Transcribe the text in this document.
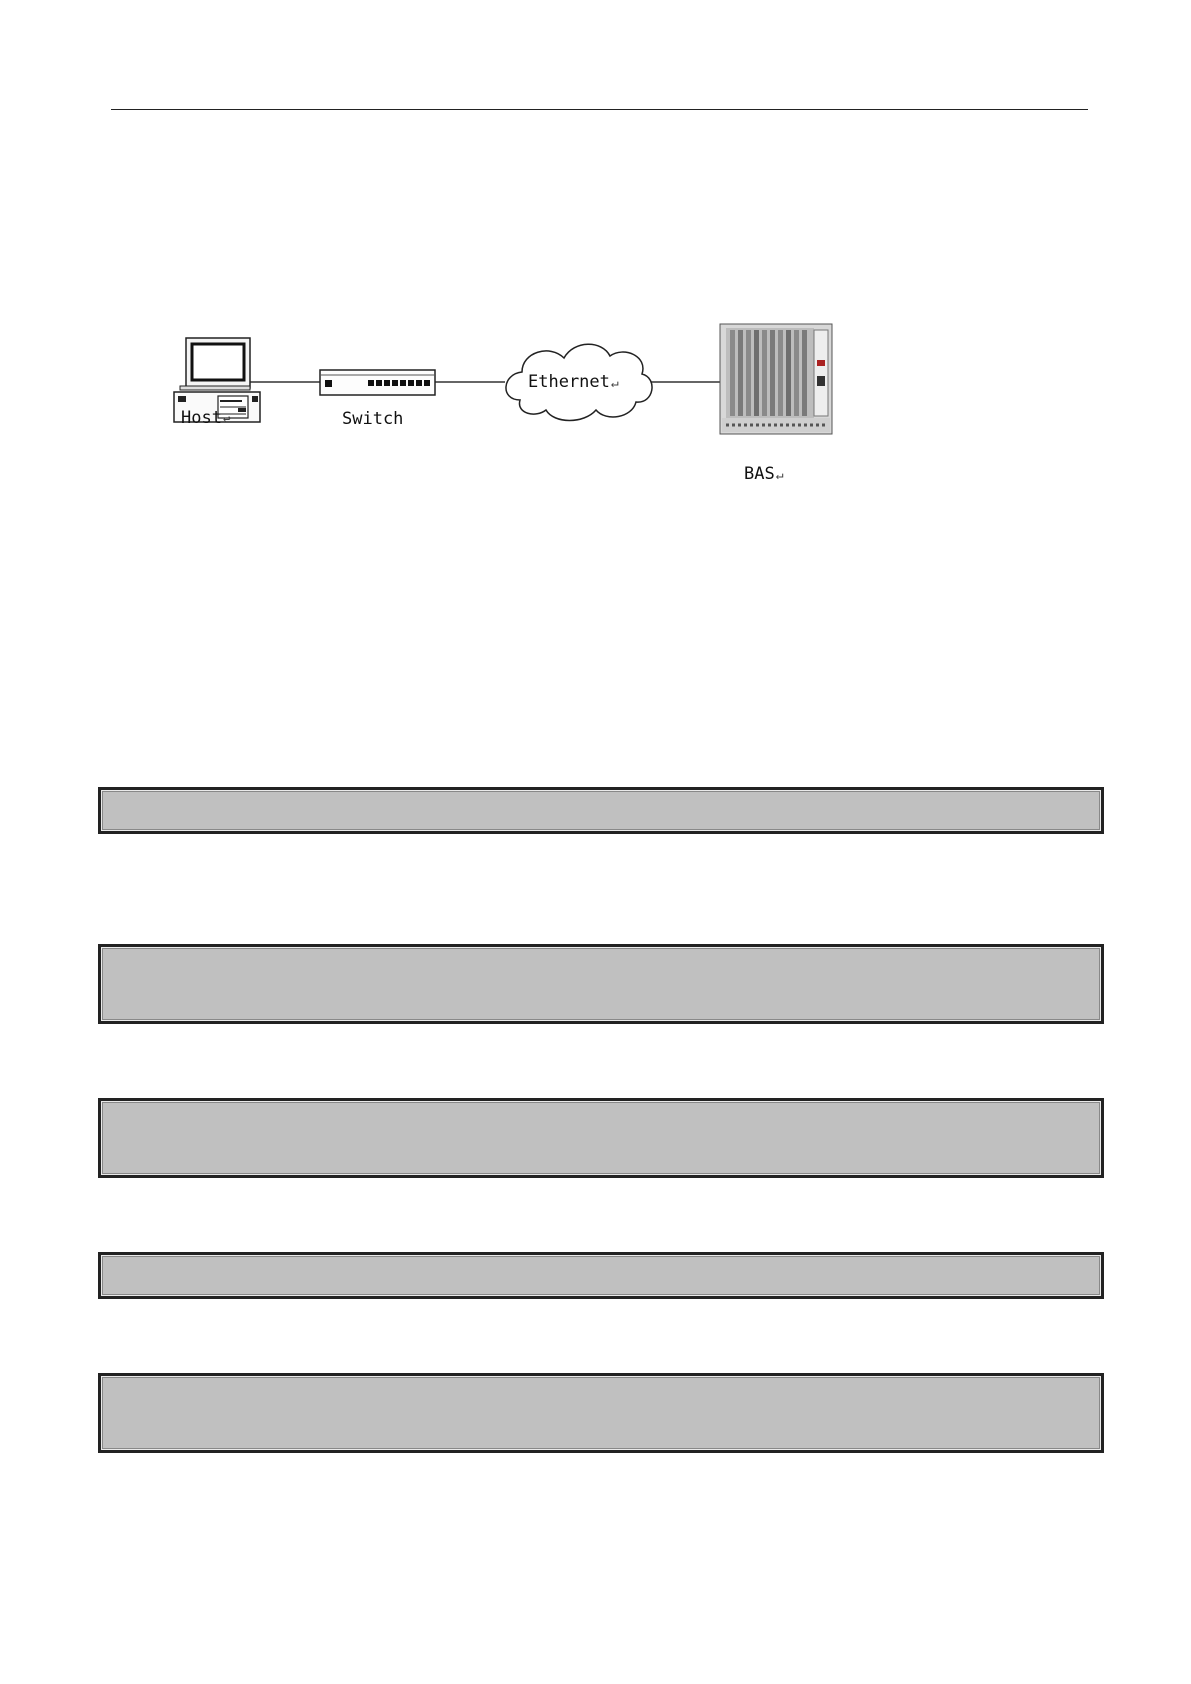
Host↩	Switch
Ethernet↵
BAS↵
